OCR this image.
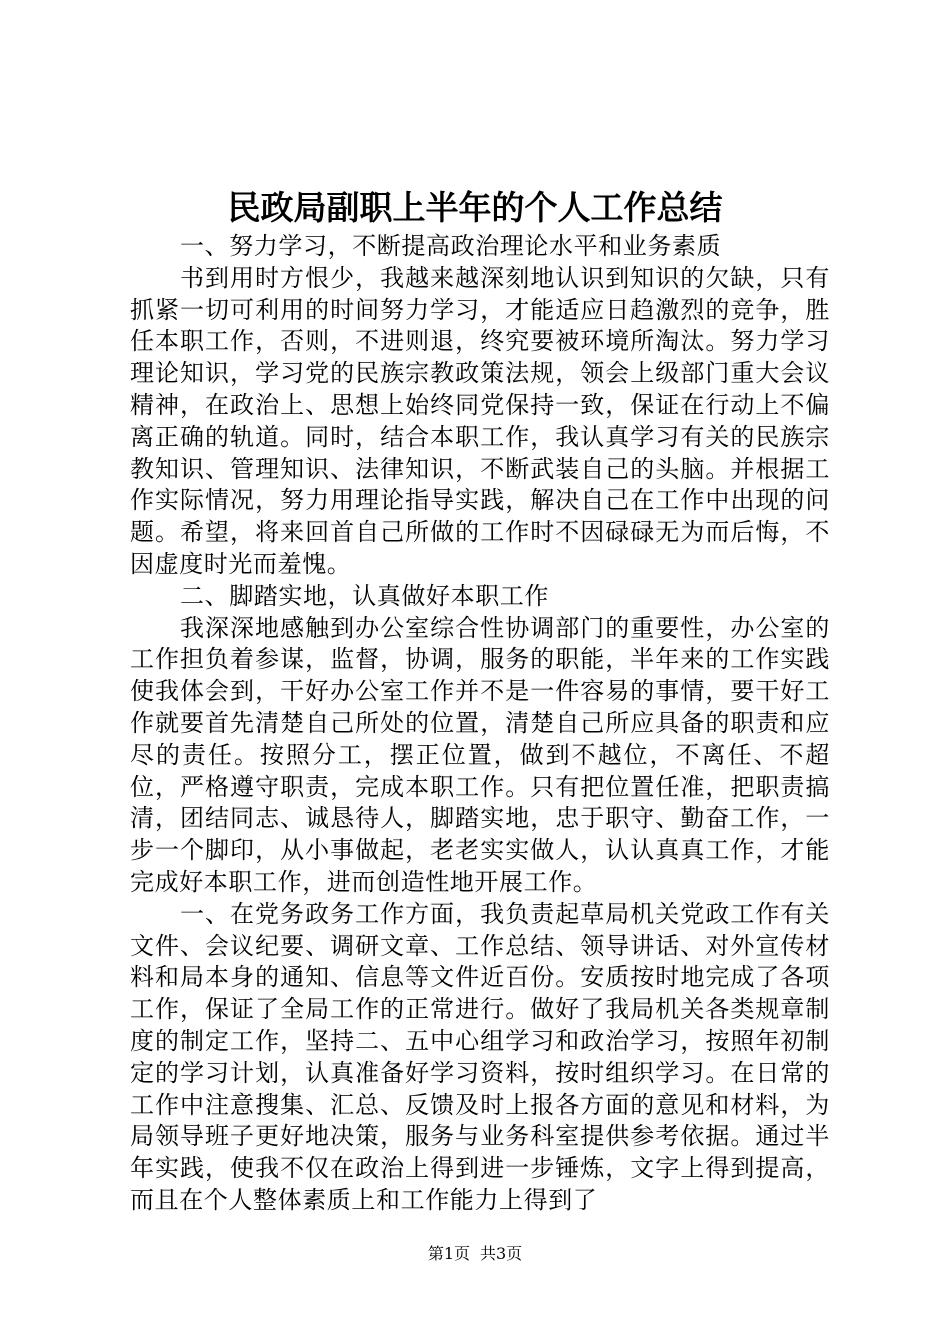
民政局副职上半年的个人工作总结

一、努力学习，不断提高政治理论水平和业务素质

书到用时方恨少，我越来越深刻地认识到知识的欠缺，只有抓紧一切可利用的时间努力学习，才能适应日趋激烈的竞争，胜任本职工作，否则，不进则退，终究要被环境所淘汰。努力学习理论知识，学习党的民族宗教政策法规，领会上级部门重大会议精神，在政治上、思想上始终同党保持一致，保证在行动上不偏离正确的轨道。同时，结合本职工作，我认真学习有关的民族宗教知识、管理知识、法律知识，不断武装自己的头脑。并根据工作实际情况，努力用理论指导实践，解决自己在工作中出现的问题。希望，将来回首自己所做的工作时不因碌碌无为而后悔，不因虚度时光而羞愧。

二、脚踏实地，认真做好本职工作

我深深地感触到办公室综合性协调部门的重要性，办公室的工作担负着参谋，监督，协调，服务的职能，半年来的工作实践使我体会到，干好办公室工作并不是一件容易的事情，要干好工作就要首先清楚自己所处的位置，清楚自己所应具备的职责和应尽的责任。按照分工，摆正位置，做到不越位，不离任、不超位，严格遵守职责，完成本职工作。只有把位置任准，把职责搞清，团结同志、诚恳待人，脚踏实地，忠于职守、勤奋工作，一步一个脚印，从小事做起，老老实实做人，认认真真工作，才能完成好本职工作，进而创造性地开展工作。

一、在党务政务工作方面，我负责起草局机关党政工作有关文件、会议纪要、调研文章、工作总结、领导讲话、对外宣传材料和局本身的通知、信息等文件近百份。安质按时地完成了各项工作，保证了全局工作的正常进行。做好了我局机关各类规章制度的制定工作，坚持二、五中心组学习和政治学习，按照年初制定的学习计划，认真准备好学习资料，按时组织学习。在日常的工作中注意搜集、汇总、反馈及时上报各方面的意见和材料，为局领导班子更好地决策，服务与业务科室提供参考依据。通过半年实践，使我不仅在政治上得到进一步锤炼，文字上得到提高，而且在个人整体素质上和工作能力上得到了

第1页 共3页
